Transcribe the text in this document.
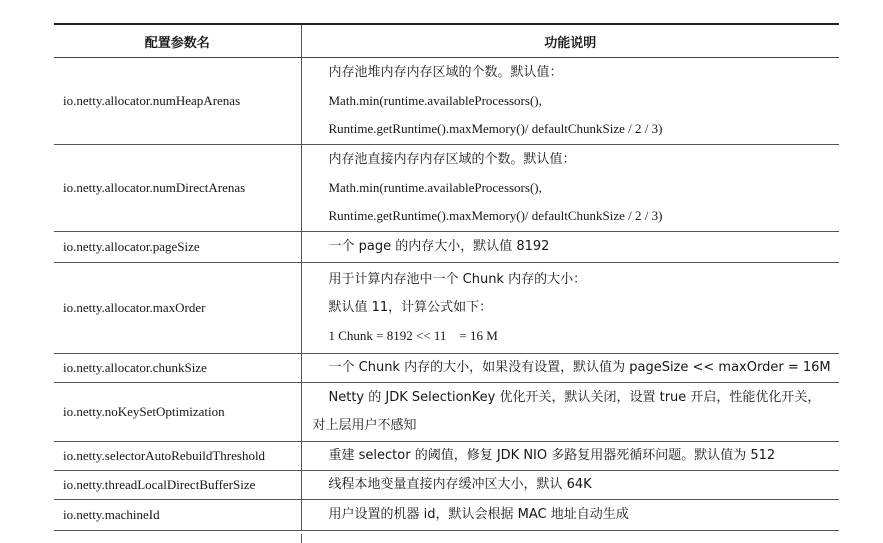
配置参数名	功能说明
io.netty.allocator.numHeapArenas	内存池堆内存内存区域的个数。默认值：
Math.min(runtime.availableProcessors(),
Runtime.getRuntime().maxMemory()/ defaultChunkSize / 2 / 3)

io.netty.allocator.numDirectArenas	内存池直接内存内存区域的个数。默认值：
Math.min(runtime.availableProcessors(),
Runtime.getRuntime().maxMemory()/ defaultChunkSize / 2 / 3)

io.netty.allocator.pageSize	一个 page 的内存大小，默认值 8192

io.netty.allocator.maxOrder	用于计算内存池中一个 Chunk 内存的大小：
默认值 11，计算公式如下：
1 Chunk = 8192 << 11    = 16 M

io.netty.allocator.chunkSize	一个 Chunk 内存的大小，如果没有设置，默认值为 pageSize << maxOrder = 16M

io.netty.noKeySetOptimization	Netty 的 JDK SelectionKey 优化开关，默认关闭，设置 true 开启，性能优化开关，
对上层用户不感知

io.netty.selectorAutoRebuildThreshold	重建 selector 的阈值，修复 JDK NIO 多路复用器死循环问题。默认值为 512

io.netty.threadLocalDirectBufferSize	线程本地变量直接内存缓冲区大小，默认 64K

io.netty.machineId	用户设置的机器 id，默认会根据 MAC 地址自动生成
